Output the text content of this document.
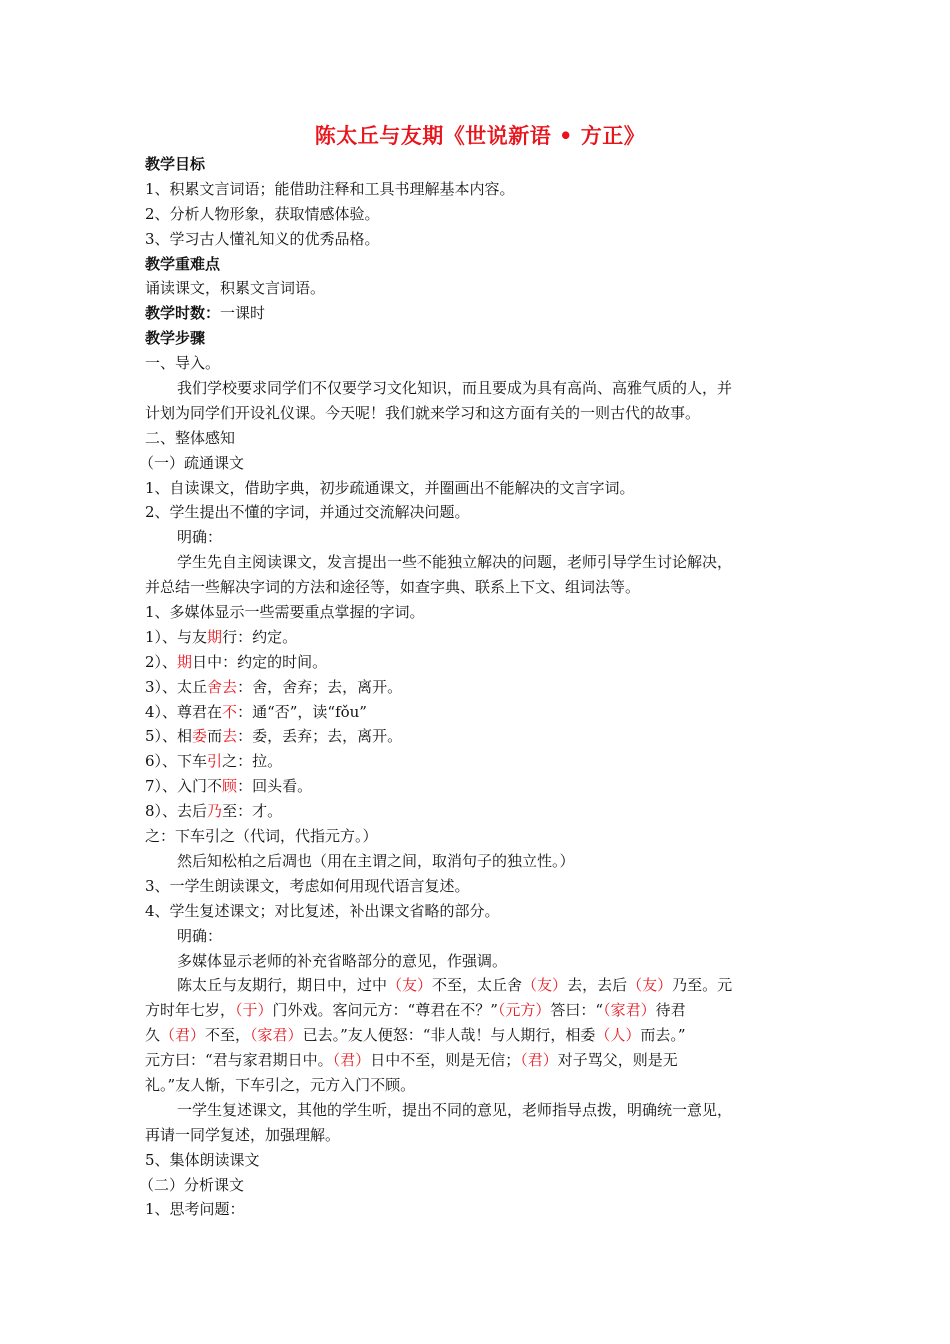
陈太丘与友期《世说新语 • 方正》
教学目标
1、积累文言词语；能借助注释和工具书理解基本内容。
2、分析人物形象，获取情感体验。
3、学习古人懂礼知义的优秀品格。
教学重难点
诵读课文，积累文言词语。
教学时数：一课时
教学步骤
一、导入。
我们学校要求同学们不仅要学习文化知识，而且要成为具有高尚、高雅气质的人，并
计划为同学们开设礼仪课。今天呢！我们就来学习和这方面有关的一则古代的故事。
二、整体感知
（一）疏通课文
1、自读课文，借助字典，初步疏通课文，并圈画出不能解决的文言字词。
2、学生提出不懂的字词，并通过交流解决问题。
明确：
学生先自主阅读课文，发言提出一些不能独立解决的问题，老师引导学生讨论解决，
并总结一些解决字词的方法和途径等，如查字典、联系上下文、组词法等。
1、多媒体显示一些需要重点掌握的字词。
1）、与友期行：约定。
2）、期日中：约定的时间。
3）、太丘舍去：舍，舍弃；去，离开。
4）、尊君在不：通“否”，读“fǒu”
5）、相委而去：委，丢弃；去，离开。
6）、下车引之：拉。
7）、入门不顾：回头看。
8）、去后乃至：才。
之：下车引之（代词，代指元方。）
然后知松柏之后凋也（用在主谓之间，取消句子的独立性。）
3、一学生朗读课文，考虑如何用现代语言复述。
4、学生复述课文；对比复述，补出课文省略的部分。
明确：
多媒体显示老师的补充省略部分的意见，作强调。
陈太丘与友期行，期日中，过中（友）不至，太丘舍（友）去，去后（友）乃至。元
方时年七岁，（于）门外戏。客问元方：“尊君在不？”（元方）答曰：“（家君）待君
久（君）不至，（家君）已去。”友人便怒：“非人哉！与人期行，相委（人）而去。”
元方曰：“君与家君期日中。（君）日中不至，则是无信；（君）对子骂父，则是无
礼。”友人惭，下车引之，元方入门不顾。
一学生复述课文，其他的学生听，提出不同的意见，老师指导点拨，明确统一意见，
再请一同学复述，加强理解。
5、集体朗读课文
（二）分析课文
1、思考问题：
